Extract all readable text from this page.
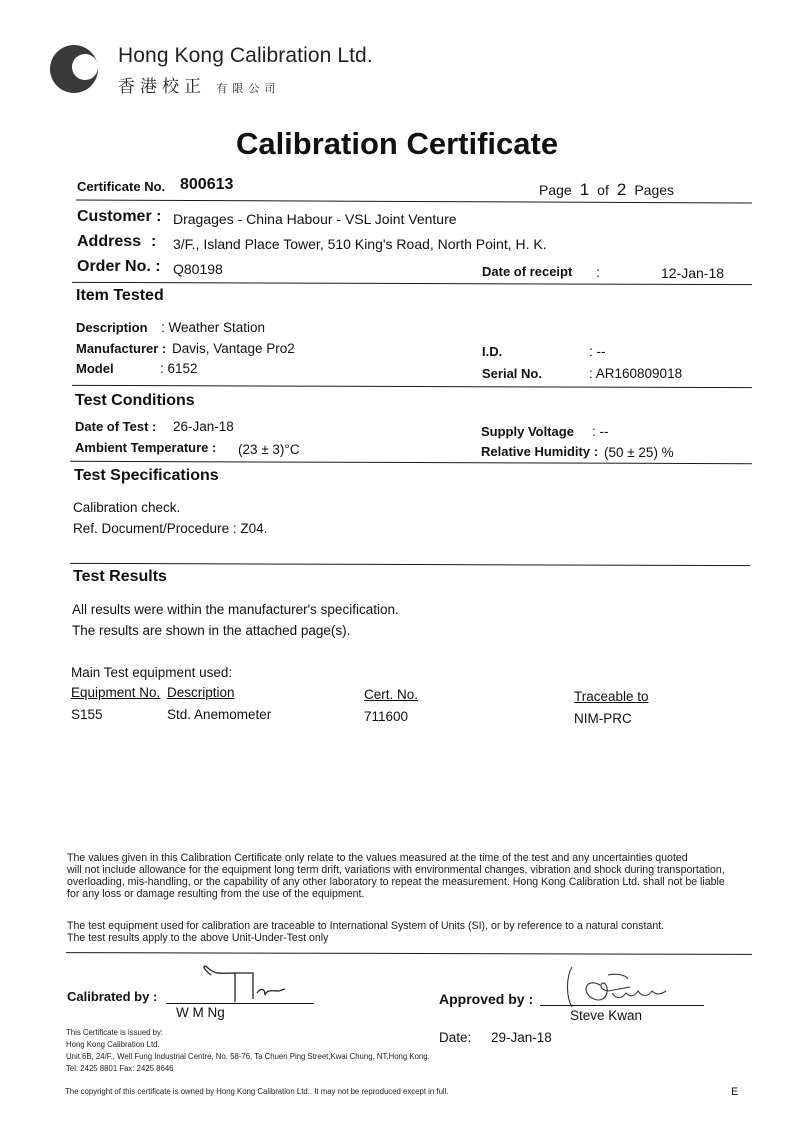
Hong Kong Calibration Ltd.
香港校正 有限公司
Calibration Certificate
Certificate No. 800613	Page 1 of 2 Pages
Customer : Dragages - China Habour - VSL Joint Venture
Address : 3/F., Island Place Tower, 510 King's Road, North Point, H. K.
Order No. : Q80198	Date of receipt :	12-Jan-18
Item Tested
Description : Weather Station
Manufacturer : Davis, Vantage Pro2	I.D.	: --
Model	: 6152	Serial No.	: AR160809018
Test Conditions
Date of Test : 26-Jan-18	Supply Voltage : --
Ambient Temperature : (23 ± 3)°C	Relative Humidity : (50 ± 25) %
Test Specifications
Calibration check.
Ref. Document/Procedure : Z04.
Test Results
All results were within the manufacturer's specification.
The results are shown in the attached page(s).
Main Test equipment used:
Equipment No. Description	Cert. No.	Traceable to
S155	Std. Anemometer	711600	NIM-PRC
The values given in this Calibration Certificate only relate to the values measured at the time of the test and any uncertainties quoted
will not include allowance for the equipment long term drift, variations with environmental changes, vibration and shock during transportation,
overloading, mis-handling, or the capability of any other laboratory to repeat the measurement. Hong Kong Calibration Ltd. shall not be liable
for any loss or damage resulting from the use of the equipment.
The test equipment used for calibration are traceable to International System of Units (SI), or by reference to a natural constant.
The test results apply to the above Unit-Under-Test only
Calibrated by :
W M Ng
Approved by :
Steve Kwan
Date: 29-Jan-18
This Certificate is issued by:
Hong Kong Calibration Ltd.
Unit 6B, 24/F., Well Fung Industrial Centre, No. 58-76, Ta Chuen Ping Street,Kwai Chung, NT,Hong Kong.
Tel: 2425 8801 Fax: 2425 8646
The copyright of this certificate is owned by Hong Kong Calibration Ltd.. It may not be reproduced except in full.	E
